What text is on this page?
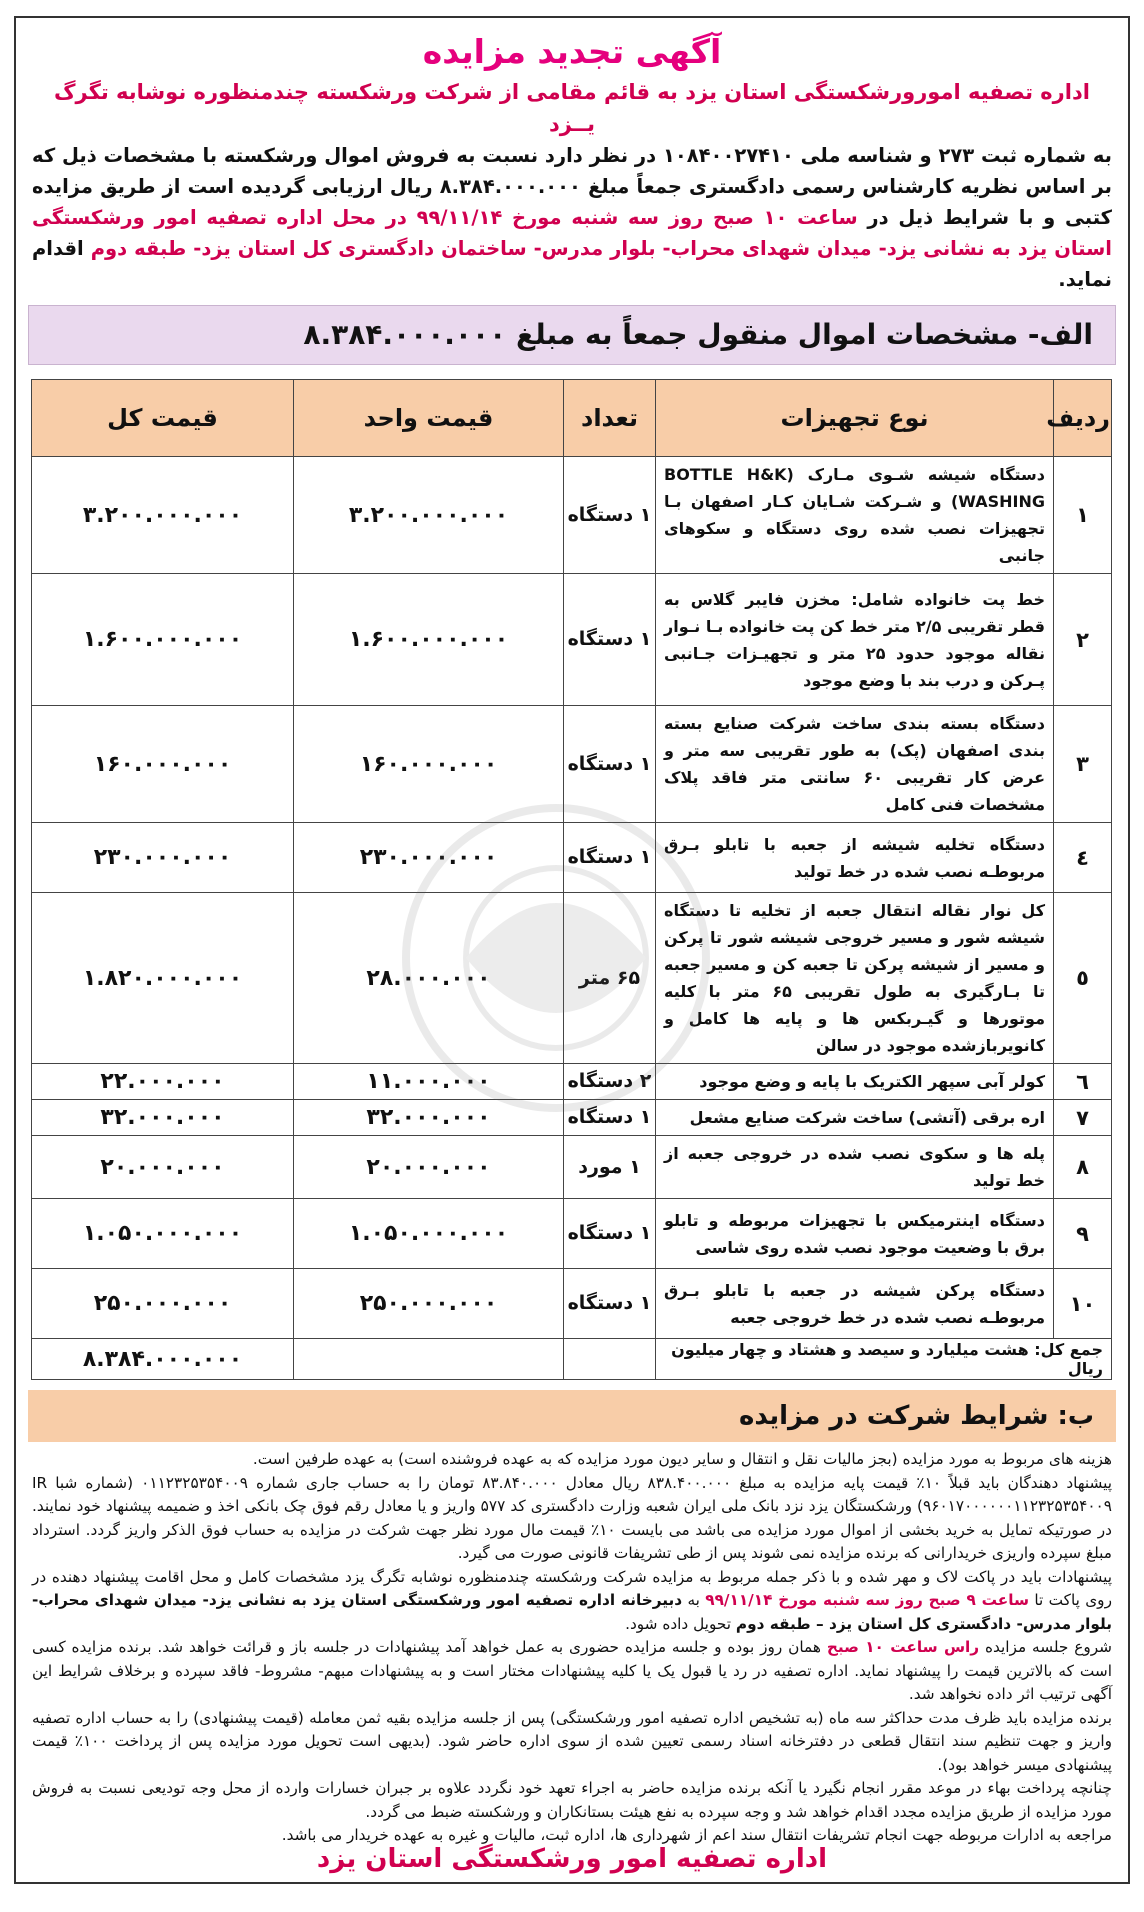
آگهی تجدید مزایده
اداره تصفیه امورورشکستگی استان یزد به قائم مقامی از شرکت ورشکسته چندمنظوره نوشابه تگرگ یــزد
به شماره ثبت ۲۷۳ و شناسه ملی ۱۰۸۴۰۰۲۷۴۱۰ در نظر دارد نسبت به فروش اموال ورشکسته با مشخصات ذیل که بر اساس نظریه کارشناس رسمی دادگستری جمعاً مبلغ ۸.۳۸۴.۰۰۰.۰۰۰ ریال ارزیابی گردیده است از طریق مزایده کتبی و با شرایط ذیل در ساعت ۱۰ صبح روز سه شنبه مورخ ۹۹/۱۱/۱۴ در محل اداره تصفیه امور ورشکستگی استان یزد به نشانی یزد- میدان شهدای محراب- بلوار مدرس- ساختمان دادگستری کل استان یزد- طبقه دوم اقدام نماید.
الف- مشخصات اموال منقول جمعاً به مبلغ ۸.۳۸۴.۰۰۰.۰۰۰
ردیف	نوع تجهیزات	تعداد	قیمت واحد	قیمت کل
۱	دستگاه شیشه شـوی مـارک BOTTLE H&K) WASHING) و شـرکت شـایان کـار اصفهان بـا تجهیزات نصب شده روی دستگاه و سکوهای جانبی	۱ دستگاه	۳.۲۰۰.۰۰۰.۰۰۰	۳.۲۰۰.۰۰۰.۰۰۰
۲	خط پت خانواده شامل: مخزن فایبر گلاس به قطر تقریبی ۲/۵ متر خط کن پت خانواده بـا نـوار نقاله موجود حدود ۲۵ متر و تجهیـزات جـانبی پـرکن و درب بند با وضع موجود	۱ دستگاه	۱.۶۰۰.۰۰۰.۰۰۰	۱.۶۰۰.۰۰۰.۰۰۰
۳	دستگاه بسته بندی ساخت شرکت صنایع بسته بندی اصفهان (پک) به طور تقریبی سه متر و عرض کار تقریبی ۶۰ سانتی متر فاقد پلاک مشخصات فنی کامل	۱ دستگاه	۱۶۰.۰۰۰.۰۰۰	۱۶۰.۰۰۰.۰۰۰
٤	دستگاه تخلیه شیشه از جعبه با تابلو بـرق مربوطـه نصب شده در خط تولید	۱ دستگاه	۲۳۰.۰۰۰.۰۰۰	۲۳۰.۰۰۰.۰۰۰
٥	کل نوار نقاله انتقال جعبه از تخلیه تا دستگاه شیشه شور و مسیر خروجی شیشه شور تا پرکن و مسیر از شیشه پرکن تا جعبه کن و مسیر جعبه تا بـارگیری به طول تقریبی ۶۵ متر با کلیه موتورها و گیـربکس ها و پایه ها کامل و کانویربازشده موجود در سالن	۶۵ متر	۲۸.۰۰۰.۰۰۰	۱.۸۲۰.۰۰۰.۰۰۰
٦	کولر آبی سپهر الکتریک با پایه و وضع موجود	۲ دستگاه	۱۱.۰۰۰.۰۰۰	۲۲.۰۰۰.۰۰۰
۷	اره برقی (آتشی) ساخت شرکت صنایع مشعل	۱ دستگاه	۳۲.۰۰۰.۰۰۰	۳۲.۰۰۰.۰۰۰
۸	پله ها و سکوی نصب شده در خروجی جعبه از خط تولید	۱ مورد	۲۰.۰۰۰.۰۰۰	۲۰.۰۰۰.۰۰۰
۹	دستگاه اینترمیکس با تجهیزات مربوطه و تابلو برق با وضعیت موجود نصب شده روی شاسی	۱ دستگاه	۱.۰۵۰.۰۰۰.۰۰۰	۱.۰۵۰.۰۰۰.۰۰۰
۱۰	دستگاه پرکن شیشه در جعبه با تابلو بـرق مربوطـه نصب شده در خط خروجی جعبه	۱ دستگاه	۲۵۰.۰۰۰.۰۰۰	۲۵۰.۰۰۰.۰۰۰
جمع کل: هشت میلیارد و سیصد و هشتاد و چهار میلیون ریال				۸.۳۸۴.۰۰۰.۰۰۰
ب: شرایط شرکت در مزایده

هزینه های مربوط به مورد مزایده (بجز مالیات نقل و انتقال و سایر دیون مورد مزایده که به عهده فروشنده است) به عهده طرفین است.

پیشنهاد دهندگان باید قبلاً ۱۰٪ قیمت پایه مزایده به مبلغ ۸۳۸.۴۰۰.۰۰۰ ریال معادل ۸۳.۸۴۰.۰۰۰ تومان را به حساب جاری شماره ۰۱۱۲۳۲۵۳۵۴۰۰۹ (شماره شبا IR ۹۶۰۱۷۰۰۰۰۰۰۱۱۲۳۲۵۳۵۴۰۰۹) ورشکستگان یزد نزد بانک ملی ایران شعبه وزارت دادگستری کد ۵۷۷ واریز و یا معادل رقم فوق چک بانکی اخذ و ضمیمه پیشنهاد خود نمایند. در صورتیکه تمایل به خرید بخشی از اموال مورد مزایده می باشد می بایست ۱۰٪ قیمت مال مورد نظر جهت شرکت در مزایده به حساب فوق الذکر واریز گردد. استرداد مبلغ سپرده واریزی خریدارانی که برنده مزایده نمی شوند پس از طی تشریفات قانونی صورت می گیرد.

پیشنهادات باید در پاکت لاک و مهر شده و با ذکر جمله مربوط به مزایده شرکت ورشکسته چندمنظوره نوشابه تگرگ یزد مشخصات کامل و محل اقامت پیشنهاد دهنده در روی پاکت تا ساعت ۹ صبح روز سه شنبه مورخ ۹۹/۱۱/۱۴ به دبیرخانه اداره تصفیه امور ورشکستگی استان یزد به نشانی یزد- میدان شهدای محراب- بلوار مدرس- دادگستری کل استان یزد – طبقه دوم تحویل داده شود.

شروع جلسه مزایده راس ساعت ۱۰ صبح همان روز بوده و جلسه مزایده حضوری به عمل خواهد آمد پیشنهادات در جلسه باز و قرائت خواهد شد. برنده مزایده کسی است که بالاترین قیمت را پیشنهاد نماید. اداره تصفیه در رد یا قبول یک یا کلیه پیشنهادات مختار است و به پیشنهادات مبهم- مشروط- فاقد سپرده و برخلاف شرایط این آگهی ترتیب اثر داده نخواهد شد.

برنده مزایده باید ظرف مدت حداکثر سه ماه (به تشخیص اداره تصفیه امور ورشکستگی) پس از جلسه مزایده بقیه ثمن معامله (قیمت پیشنهادی) را به حساب اداره تصفیه واریز و جهت تنظیم سند انتقال قطعی در دفترخانه اسناد رسمی تعیین شده از سوی اداره حاضر شود. (بدیهی است تحویل مورد مزایده پس از پرداخت ۱۰۰٪ قیمت پیشنهادی میسر خواهد بود).

چنانچه پرداخت بهاء در موعد مقرر انجام نگیرد یا آنکه برنده مزایده حاضر به اجراء تعهد خود نگردد علاوه بر جبران خسارات وارده از محل وجه تودیعی نسبت به فروش مورد مزایده از طریق مزایده مجدد اقدام خواهد شد و وجه سپرده به نفع هیئت بستانکاران و ورشکسته ضبط می گردد.

مراجعه به ادارات مربوطه جهت انجام تشریفات انتقال سند اعم از شهرداری ها، اداره ثبت، مالیات و غیره به عهده خریدار می باشد.

اداره تصفیه امور ورشکستگی استان یزد
